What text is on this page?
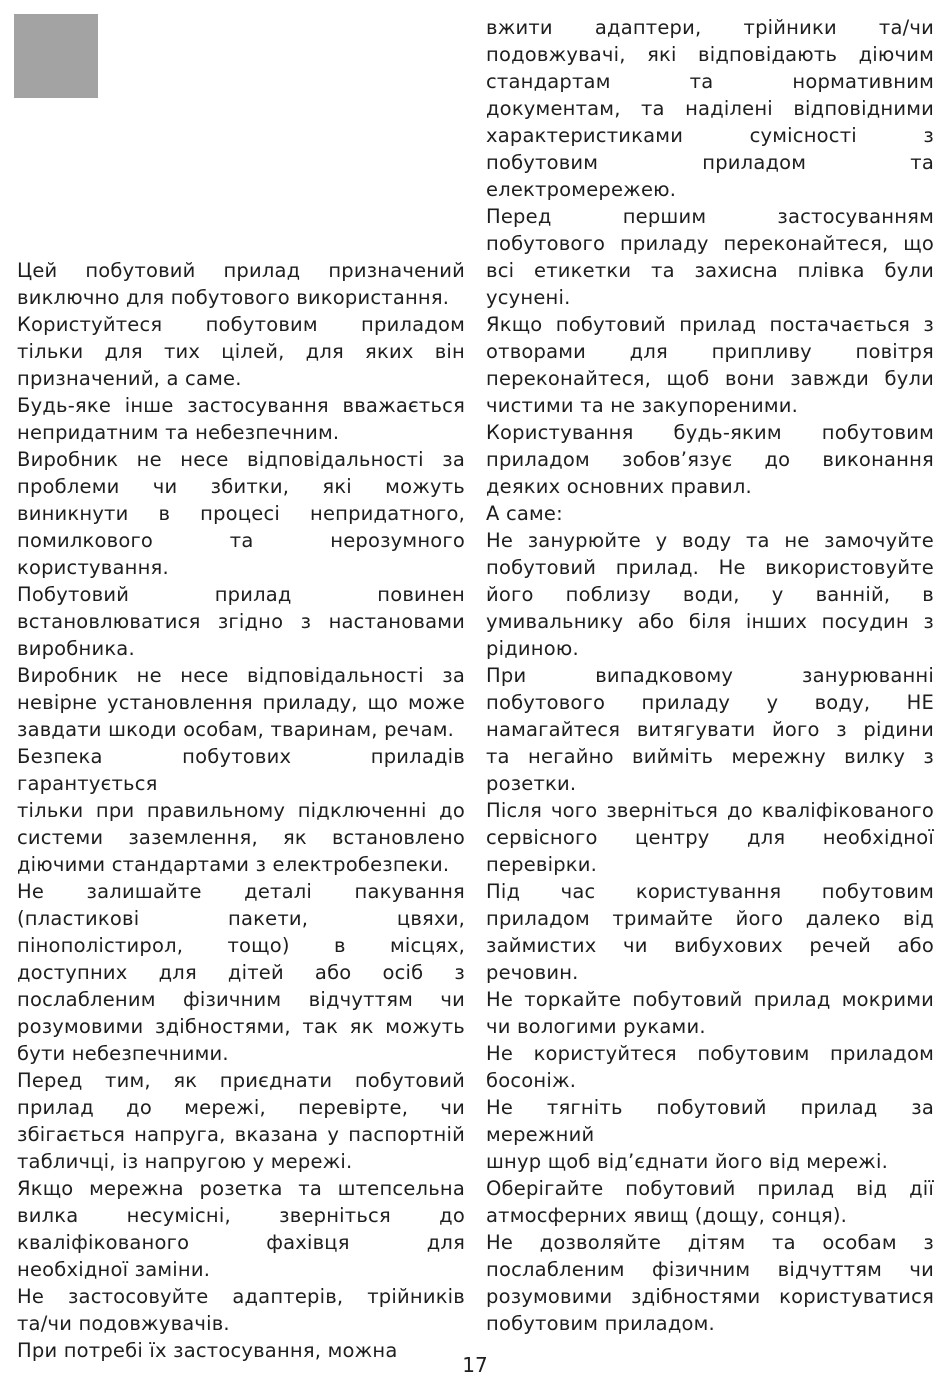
Цей побутовий прилад призначений
виключно для побутового використання.

Користуйтеся побутовим приладом
тільки для тих цілей, для яких він
призначений, а саме.

Будь-яке інше застосування вважається
непридатним та небезпечним.

Виробник не несе відповідальності за
проблеми чи збитки, які можуть
виникнути в процесі непридатного,
помилкового та нерозумного
користування.

Побутовий прилад повинен
встановлюватися згідно з настановами
виробника.

Виробник не несе відповідальності за
невірне установлення приладу, що може
завдати шкоди особам, тваринам, речам.

Безпека побутових приладів гарантується
тільки при правильному підключенні до
системи заземлення, як встановлено
діючими стандартами з електробезпеки.

Не залишайте деталі пакування
(пластикові пакети, цвяхи,
пінополістирол, тощо) в місцях,
доступних для дітей або осіб з
послабленим фізичним відчуттям чи
розумовими здібностями, так як можуть
бути небезпечними.

Перед тим, як приєднати побутовий
прилад до мережі, перевірте, чи
збігається напруга, вказана у паспортній
табличці, із напругою у мережі.

Якщо мережна розетка та штепсельна
вилка несумісні, зверніться до
кваліфікованого фахівця для
необхідної заміни.

Не застосовуйте адаптерів, трійників
та/чи подовжувачів.

При потребі їх застосування, можна

вжити адаптери, трійники та/чи
подовжувачі, які відповідають діючим
стандартам та нормативним
документам, та наділені відповідними
характеристиками сумісності з
побутовим приладом та
електромережею.

Перед першим застосуванням
побутового приладу переконайтеся, що
всі етикетки та захисна плівка були
усунені.

Якщо побутовий прилад постачається з
отворами для припливу повітря
переконайтеся, щоб вони завжди були
чистими та не закупореними.

Користування будь-яким побутовим
приладом зобов’язує до виконання
деяких основних правил.

А саме:

Не занурюйте у воду та не замочуйте
побутовий прилад. Не використовуйте
його поблизу води, у ванній, в
умивальнику або біля інших посудин з
рідиною.

При випадковому занурюванні
побутового приладу у воду, НЕ
намагайтеся витягувати його з рідини
та негайно вийміть мережну вилку з
розетки.

Після чого зверніться до кваліфікованого
сервісного центру для необхідної
перевірки.

Під час користування побутовим
приладом тримайте його далеко від
займистих чи вибухових речей або
речовин.

Не торкайте побутовий прилад мокрими
чи вологими руками.

Не користуйтеся побутовим приладом
босоніж.

Не тягніть побутовий прилад за мережний
шнур щоб від’єднати його від мережі.

Оберігайте побутовий прилад від дії
атмосферних явищ (дощу, сонця).

Не дозволяйте дітям та особам з
послабленим фізичним відчуттям чи
розумовими здібностями користуватися
побутовим приладом.

17
